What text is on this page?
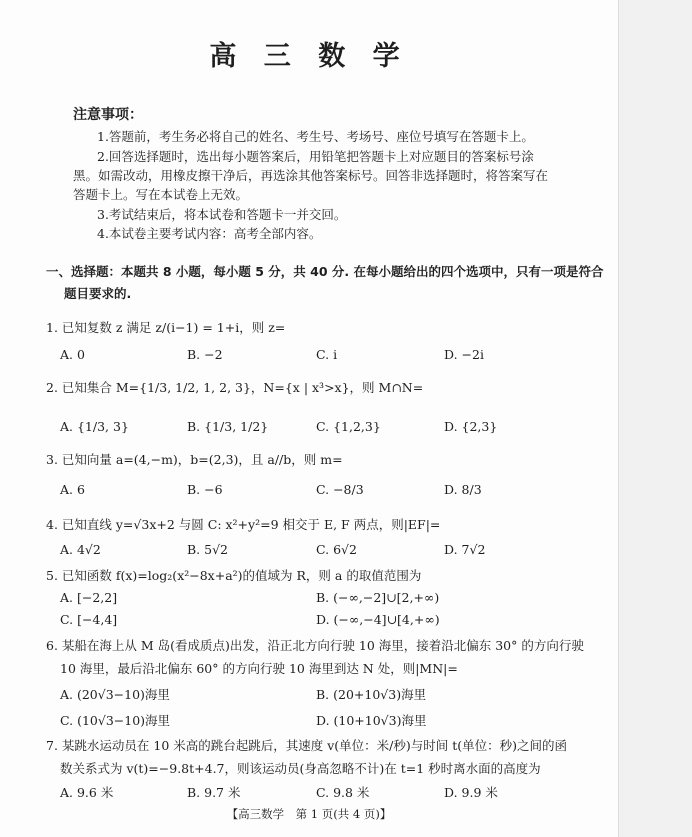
高 三 数 学
注意事项：
1.答题前，考生务必将自己的姓名、考生号、考场号、座位号填写在答题卡上。
2.回答选择题时，选出每小题答案后，用铅笔把答题卡上对应题目的答案标号涂
黑。如需改动，用橡皮擦干净后，再选涂其他答案标号。回答非选择题时，将答案写在
答题卡上。写在本试卷上无效。
3.考试结束后，将本试卷和答题卡一并交回。
4.本试卷主要考试内容：高考全部内容。
一、选择题：本题共 8 小题，每小题 5 分，共 40 分. 在每小题给出的四个选项中，只有一项是符合
题目要求的.
1. 已知复数 z 满足 z/(i−1) = 1+i，则 z=
A. 0	B. −2	C. i	D. −2i
2. 已知集合 M={1/3, 1/2, 1, 2, 3}，N={x | x³>x}，则 M∩N=
A. {1/3, 3}	B. {1/3, 1/2}	C. {1,2,3}	D. {2,3}
3. 已知向量 a=(4,−m)，b=(2,3)，且 a//b，则 m=
A. 6	B. −6	C. −8/3	D. 8/3
4. 已知直线 y=√3x+2 与圆 C: x²+y²=9 相交于 E, F 两点，则|EF|=
A. 4√2	B. 5√2	C. 6√2	D. 7√2
5. 已知函数 f(x)=log₂(x²−8x+a²)的值域为 R，则 a 的取值范围为
A. [−2,2]	B. (−∞,−2]∪[2,+∞)
C. [−4,4]	D. (−∞,−4]∪[4,+∞)
6. 某船在海上从 M 岛(看成质点)出发，沿正北方向行驶 10 海里，接着沿北偏东 30° 的方向行驶
10 海里，最后沿北偏东 60° 的方向行驶 10 海里到达 N 处，则|MN|=
A. (20√3−10)海里	B. (20+10√3)海里
C. (10√3−10)海里	D. (10+10√3)海里
7. 某跳水运动员在 10 米高的跳台起跳后，其速度 v(单位：米/秒)与时间 t(单位：秒)之间的函
数关系式为 v(t)=−9.8t+4.7，则该运动员(身高忽略不计)在 t=1 秒时离水面的高度为
A. 9.6 米	B. 9.7 米	C. 9.8 米	D. 9.9 米
【高三数学　第 1 页(共 4 页)】
